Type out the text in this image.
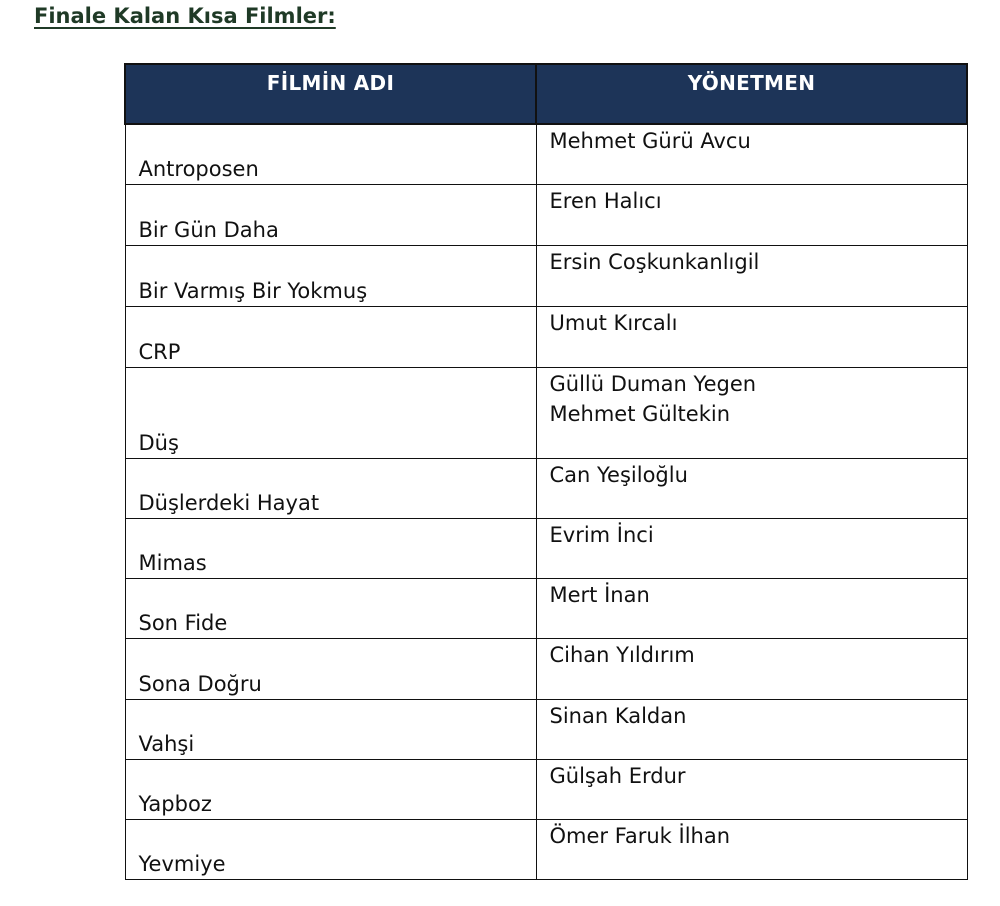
Finale Kalan Kısa Filmler:
FİLMİN ADI	YÖNETMEN
Antroposen	Mehmet Gürü Avcu

Bir Gün Daha	Eren Halıcı

Bir Varmış Bir Yokmuş	Ersin Coşkunkanlıgil

CRP	Umut Kırcalı

Düş	Güllü Duman Yegen
Mehmet Gültekin

Düşlerdeki Hayat	Can Yeşiloğlu

Mimas	Evrim İnci

Son Fide	Mert İnan

Sona Doğru	Cihan Yıldırım

Vahşi	Sinan Kaldan

Yapboz	Gülşah Erdur

Yevmiye	Ömer Faruk İlhan
